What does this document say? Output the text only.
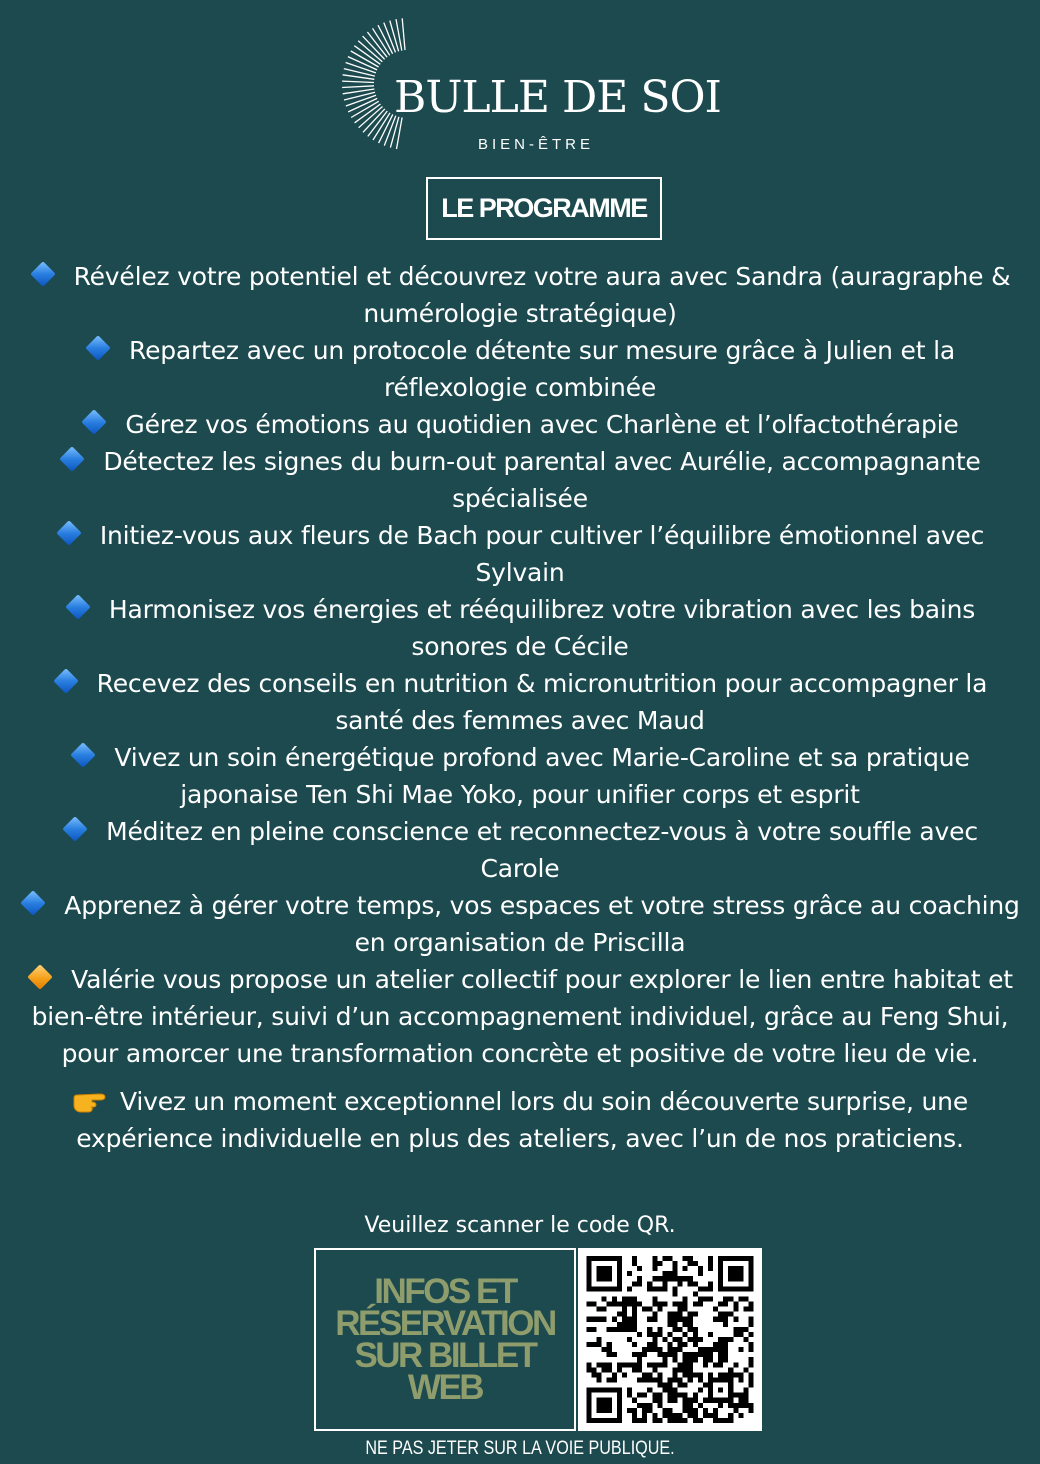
BULLE DE SOI
BIEN-ÊTRE
LE PROGRAMME

Révélez votre potentiel et découvrez votre aura avec Sandra (auragraphe & numérologie stratégique)

Repartez avec un protocole détente sur mesure grâce à Julien et la réflexologie combinée

Gérez vos émotions au quotidien avec Charlène et l’olfactothérapie

Détectez les signes du burn-out parental avec Aurélie, accompagnante spécialisée

Initiez-vous aux fleurs de Bach pour cultiver l’équilibre émotionnel avec Sylvain

Harmonisez vos énergies et rééquilibrez votre vibration avec les bains sonores de Cécile

Recevez des conseils en nutrition & micronutrition pour accompagner la santé des femmes avec Maud

Vivez un soin énergétique profond avec Marie-Caroline et sa pratique japonaise Ten Shi Mae Yoko, pour unifier corps et esprit

Méditez en pleine conscience et reconnectez-vous à votre souffle avec Carole

Apprenez à gérer votre temps, vos espaces et votre stress grâce au coaching en organisation de Priscilla

Valérie vous propose un atelier collectif pour explorer le lien entre habitat et bien-être intérieur, suivi d’un accompagnement individuel, grâce au Feng Shui, pour amorcer une transformation concrète et positive de votre lieu de vie.

Vivez un moment exceptionnel lors du soin découverte surprise, une expérience individuelle en plus des ateliers, avec l’un de nos praticiens.

Veuillez scanner le code QR.
INFOS ET
RÉSERVATION
SUR BILLET
WEB
NE PAS JETER SUR LA VOIE PUBLIQUE.
